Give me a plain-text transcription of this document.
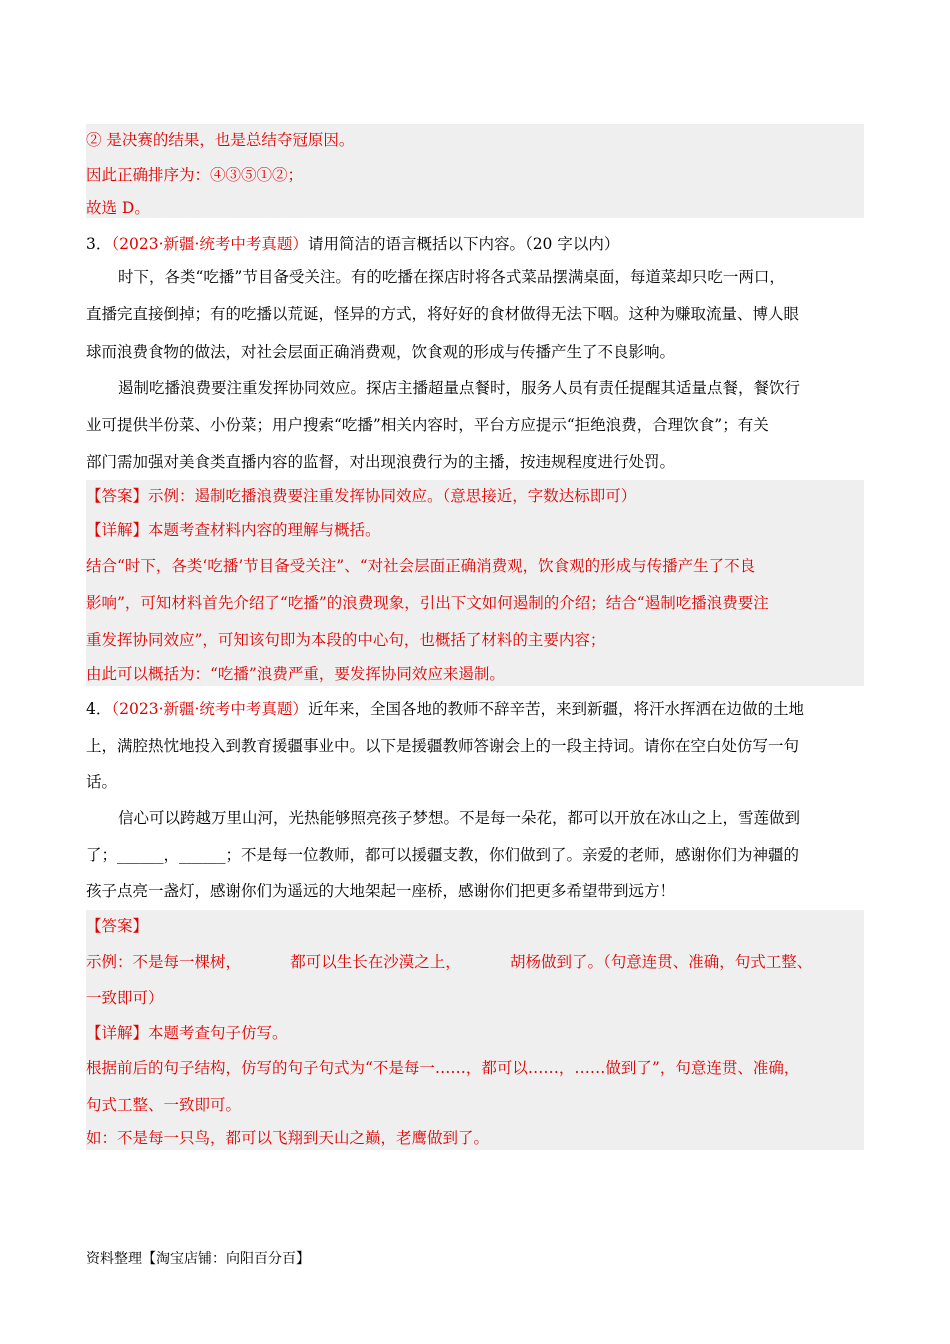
② 是决赛的结果，也是总结夺冠原因。
因此正确排序为：④③⑤①②；
故选 D。
3．（2023·新疆·统考中考真题）请用简洁的语言概括以下内容。（20 字以内）
时下，各类“吃播”节目备受关注。有的吃播在探店时将各式菜品摆满桌面，每道菜却只吃一两口，
直播完直接倒掉；有的吃播以荒诞，怪异的方式，将好好的食材做得无法下咽。这种为赚取流量、博人眼
球而浪费食物的做法，对社会层面正确消费观，饮食观的形成与传播产生了不良影响。
遏制吃播浪费要注重发挥协同效应。探店主播超量点餐时，服务人员有责任提醒其适量点餐，餐饮行
业可提供半份菜、小份菜；用户搜索“吃播”相关内容时，平台方应提示“拒绝浪费，合理饮食”；有关
部门需加强对美食类直播内容的监督，对出现浪费行为的主播，按违规程度进行处罚。
【答案】示例：遏制吃播浪费要注重发挥协同效应。（意思接近，字数达标即可）
【详解】本题考查材料内容的理解与概括。
结合“时下，各类‘吃播’节目备受关注”、“对社会层面正确消费观，饮食观的形成与传播产生了不良
影响”，可知材料首先介绍了“吃播”的浪费现象，引出下文如何遏制的介绍；结合“遏制吃播浪费要注
重发挥协同效应”，可知该句即为本段的中心句，也概括了材料的主要内容；
由此可以概括为：“吃播”浪费严重，要发挥协同效应来遏制。
4．（2023·新疆·统考中考真题）近年来，全国各地的教师不辞辛苦，来到新疆，将汗水挥洒在边做的土地
上，满腔热忱地投入到教育援疆事业中。以下是援疆教师答谢会上的一段主持词。请你在空白处仿写一句
话。
信心可以跨越万里山河，光热能够照亮孩子梦想。不是每一朵花，都可以开放在冰山之上，雪莲做到
了；______，______；不是每一位教师，都可以援疆支教，你们做到了。亲爱的老师，感谢你们为神疆的
孩子点亮一盏灯，感谢你们为遥远的大地架起一座桥，感谢你们把更多希望带到远方！
【答案】
示例：不是每一棵树，          都可以生长在沙漠之上，          胡杨做到了。（句意连贯、准确，句式工整、
一致即可）
【详解】本题考查句子仿写。
根据前后的句子结构，仿写的句子句式为“不是每一……，都可以……，……做到了”，句意连贯、准确，
句式工整、一致即可。
如：不是每一只鸟，都可以飞翔到天山之巅，老鹰做到了。
资料整理【淘宝店铺：向阳百分百】
